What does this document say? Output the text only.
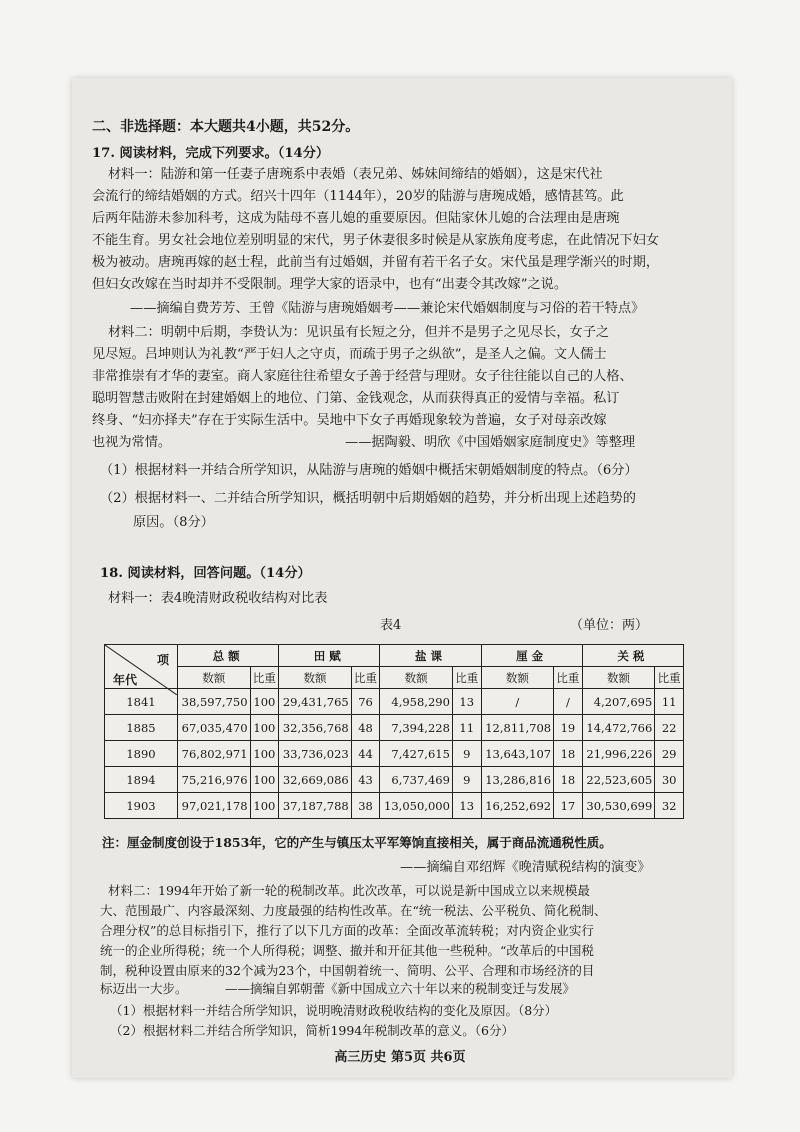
二、非选择题：本大题共4小题，共52分。
17. 阅读材料，完成下列要求。（14分）
材料一：陆游和第一任妻子唐琬系中表婚（表兄弟、姊妹间缔结的婚姻），这是宋代社
会流行的缔结婚姻的方式。绍兴十四年（1144年），20岁的陆游与唐琬成婚，感情甚笃。此
后两年陆游未参加科考，这成为陆母不喜儿媳的重要原因。但陆家休儿媳的合法理由是唐琬
不能生育。男女社会地位差别明显的宋代，男子休妻很多时候是从家族角度考虑，在此情况下妇女
极为被动。唐琬再嫁的赵士程，此前当有过婚姻，并留有若干名子女。宋代虽是理学渐兴的时期，
但妇女改嫁在当时却并不受限制。理学大家的语录中，也有“出妻令其改嫁”之说。
——摘编自费芳芳、王曾《陆游与唐琬婚姻考——兼论宋代婚姻制度与习俗的若干特点》
材料二：明朝中后期，李贽认为：见识虽有长短之分，但并不是男子之见尽长，女子之
见尽短。吕坤则认为礼教“严于妇人之守贞，而疏于男子之纵欲”，是圣人之偏。文人儒士
非常推崇有才华的妻室。商人家庭往往希望女子善于经营与理财。女子往往能以自己的人格、
聪明智慧击败附在封建婚姻上的地位、门第、金钱观念，从而获得真正的爱情与幸福。私订
终身、“妇亦择夫”存在于实际生活中。吴地中下女子再婚现象较为普遍，女子对母亲改嫁
也视为常情。	——据陶毅、明欣《中国婚姻家庭制度史》等整理
（1）根据材料一并结合所学知识，从陆游与唐琬的婚姻中概括宋朝婚姻制度的特点。（6分）
（2）根据材料一、二并结合所学知识，概括明朝中后期婚姻的趋势，并分析出现上述趋势的
原因。（8分）
18. 阅读材料，回答问题。（14分）
材料一：表4晚清财政税收结构对比表
表4	（单位：两）
项
年代	总额		田赋		盐课		厘金		关税	
	数额	比重	数额	比重	数额	比重	数额	比重	数额	比重
1841	38,597,750	100	29,431,765	76	4,958,290	13	/	/	4,207,695	11
1885	67,035,470	100	32,356,768	48	7,394,228	11	12,811,708	19	14,472,766	22
1890	76,802,971	100	33,736,023	44	7,427,615	9	13,643,107	18	21,996,226	29
1894	75,216,976	100	32,669,086	43	6,737,469	9	13,286,816	18	22,523,605	30
1903	97,021,178	100	37,187,788	38	13,050,000	13	16,252,692	17	30,530,699	32
注：厘金制度创设于1853年，它的产生与镇压太平军筹饷直接相关，属于商品流通税性质。
——摘编自邓绍辉《晚清赋税结构的演变》
材料二：1994年开始了新一轮的税制改革。此次改革，可以说是新中国成立以来规模最
大、范围最广、内容最深刻、力度最强的结构性改革。在“统一税法、公平税负、简化税制、
合理分权”的总目标指引下，推行了以下几方面的改革：全面改革流转税；对内资企业实行
统一的企业所得税；统一个人所得税；调整、撤并和开征其他一些税种。“改革后的中国税
制，税种设置由原来的32个减为23个，中国朝着统一、简明、公平、合理和市场经济的目
标迈出一大步。	——摘编自郭朝蕾《新中国成立六十年以来的税制变迁与发展》
（1）根据材料一并结合所学知识，说明晚清财政税收结构的变化及原因。（8分）
（2）根据材料二并结合所学知识，简析1994年税制改革的意义。（6分）
高三历史 第5页 共6页
